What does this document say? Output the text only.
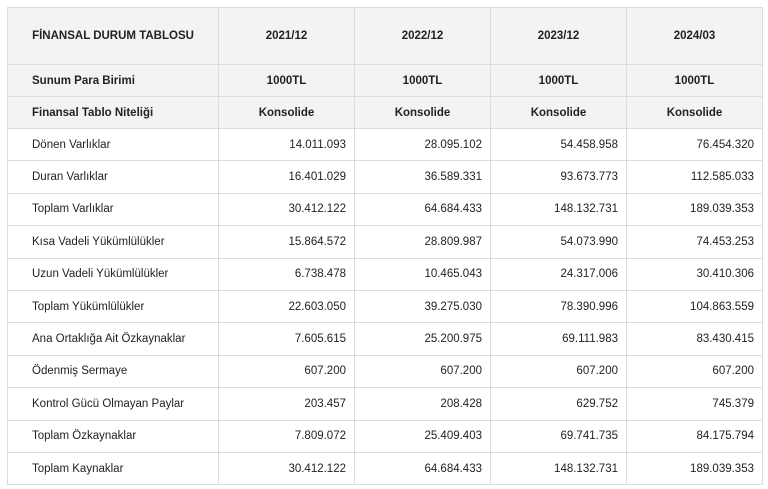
FİNANSAL DURUM TABLOSU	2021/12	2022/12	2023/12	2024/03
Sunum Para Birimi	1000TL	1000TL	1000TL	1000TL
Finansal Tablo Niteliği	Konsolide	Konsolide	Konsolide	Konsolide
Dönen Varlıklar	14.011.093	28.095.102	54.458.958	76.454.320
Duran Varlıklar	16.401.029	36.589.331	93.673.773	112.585.033
Toplam Varlıklar	30.412.122	64.684.433	148.132.731	189.039.353
Kısa Vadeli Yükümlülükler	15.864.572	28.809.987	54.073.990	74.453.253
Uzun Vadeli Yükümlülükler	6.738.478	10.465.043	24.317.006	30.410.306
Toplam Yükümlülükler	22.603.050	39.275.030	78.390.996	104.863.559
Ana Ortaklığa Ait Özkaynaklar	7.605.615	25.200.975	69.111.983	83.430.415
Ödenmiş Sermaye	607.200	607.200	607.200	607.200
Kontrol Gücü Olmayan Paylar	203.457	208.428	629.752	745.379
Toplam Özkaynaklar	7.809.072	25.409.403	69.741.735	84.175.794
Toplam Kaynaklar	30.412.122	64.684.433	148.132.731	189.039.353
